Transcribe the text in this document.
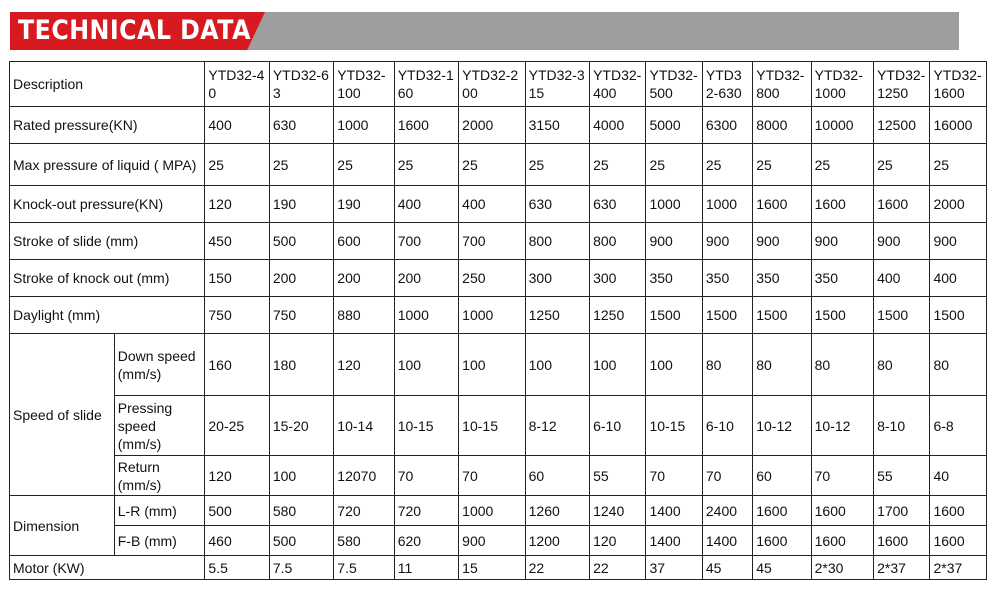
TECHNICAL DATA
Description		YTD32-40	YTD32-63	YTD32-100	YTD32-160	YTD32-200	YTD32-315	YTD32-400	YTD32-500	YTD32-630	YTD32-800	YTD32-1000	YTD32-1250	YTD32-1600
Rated pressure(KN)		400	630	1000	1600	2000	3150	4000	5000	6300	8000	10000	12500	16000
Max pressure of liquid ( MPA)		25	25	25	25	25	25	25	25	25	25	25	25	25
Knock-out pressure(KN)		120	190	190	400	400	630	630	1000	1000	1600	1600	1600	2000
Stroke of slide (mm)		450	500	600	700	700	800	800	900	900	900	900	900	900
Stroke of knock out (mm)		150	200	200	200	250	300	300	350	350	350	350	400	400
Daylight (mm)		750	750	880	1000	1000	1250	1250	1500	1500	1500	1500	1500	1500
Speed of slide	Down speed (mm/s)	160	180	120	100	100	100	100	100	80	80	80	80	80
	Pressing speed (mm/s)	20-25	15-20	10-14	10-15	10-15	8-12	6-10	10-15	6-10	10-12	10-12	8-10	6-8
	Return (mm/s)	120	100	12070	70	70	60	55	70	70	60	70	55	40
Dimension	L-R (mm)	500	580	720	720	1000	1260	1240	1400	2400	1600	1600	1700	1600
	F-B (mm)	460	500	580	620	900	1200	120	1400	1400	1600	1600	1600	1600
Motor (KW)		5.5	7.5	7.5	11	15	22	22	37	45	45	2*30	2*37	2*37
